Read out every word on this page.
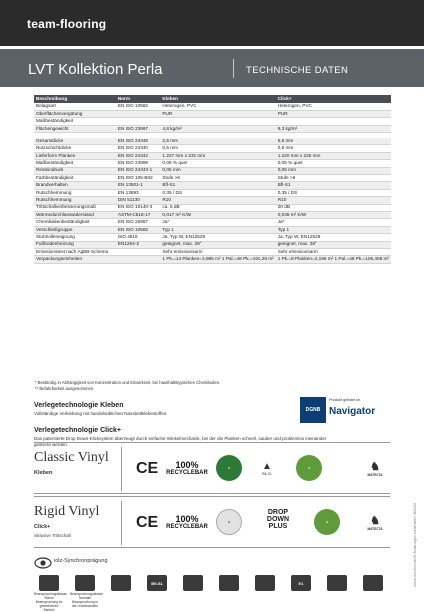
team-flooring
LVT Kollektion Perla	TECHNISCHE DATEN
Beschreibung	Norm	Kleben	Click+
Belagsart	EN ISO 10582	Heterogen, PVC	Heterogen, PVC
Oberflächenvergütung		PUR	PUR
Maßbeständigkeit			
Flächengewicht	EN ISO 23997	4,8 kg/m²	9,3 kg/m²

Gesamtdicke	EN ISO 24346	2,5 mm	5,5 mm
Nutzschichtdicke	EN ISO 24340	0,5 mm	0,5 mm
Lieferform Planken	EN ISO 24342	1.227 mm x 232 mm	1.220 mm x 225 mm
Maßbeständigkeit	EN ISO 23999	0,05 % quer	0,05 % quer
Resteindruck	EN ISO 24343-1	0,05 mm	0,05 mm
Farbbeständigkeit	EN ISO 105-B02	Stufe >6	Stufe >6
Brandverhalten	EN 13501-1	Bfl-S1	Bfl-S1
Rutschhemmung	EN 13893	0,35 / DS	0,35 / DS
Rutschhemmung	DIN 51130	R10	R10
Trittschallverbesserungsmaß	EN ISO 10140-3	ca. 5 dB	20 dB
Wärmedurchlasswiderstand	ASTM-C518-17	0,017 m² K/W	0,038 m² K/W
Chemikalienbeständigkeit	EN ISO 26987	Ja*	Ja*
Verschleißgruppe	EN ISO 10582	Typ 1	Typ 1
Stuhlrolleneignung	ISO 4918	Ja, Typ W, EN12529	Ja, Typ W, EN12529
Fußbodenheizung	EN1264-2	geeignet, max. 28°	geeignet, max. 28°
Emissionstest nach AgBB-Schema		Sehr emissionsarm	Sehr emissionsarm
Verpackungseinheiten		1 Pk.=14 Planken=3,985 m² 1 Pal.=48 Pk.=191,29 m²	1 Pk.=8 Planken=2,196 m² 1 Pal.=48 Pk.=105,408 m²
* Beständig in Abhängigkeit von Konzentration und Einwirkzeit, bei haushaltstypischen Chemikalien.
** Befahrbarkeit ausgenommen.
Verlegetechnologie Kleben
Vollständige Verklebung mit handelsüblichen Nassbettklebestoffen.
DGNB
Produkt gelistet im
Navigator
Verlegetechnologie Click+
Das patentierte Drop Down-Klicksystem überzeugt durch einfache Winkelmechanik, bei der die Planken schnell, sauber und problemlos ineinander gesteckt werden.
Classic Vinyl
Kleben	CE 100%
RECYCLEBAR
●	▲
Bfl-S1
●	♞
MATECTA
Rigid Vinyl
Click+
inklusive Trittschall
CE 100%
RECYCLEBAR
●
DROP DOWN
PLUS
●	♞
MATECTA
iolz-Synchronprägung
Beanspruchungsklasse Starke Beanspruchung im gewerblichen Bereich
Beanspruchungsklasse Normale Beanspruchung in der Leichtindustrie
Bfl-S1	E1	Irrtum und technische Änderungen vorbehalten 08/2023
